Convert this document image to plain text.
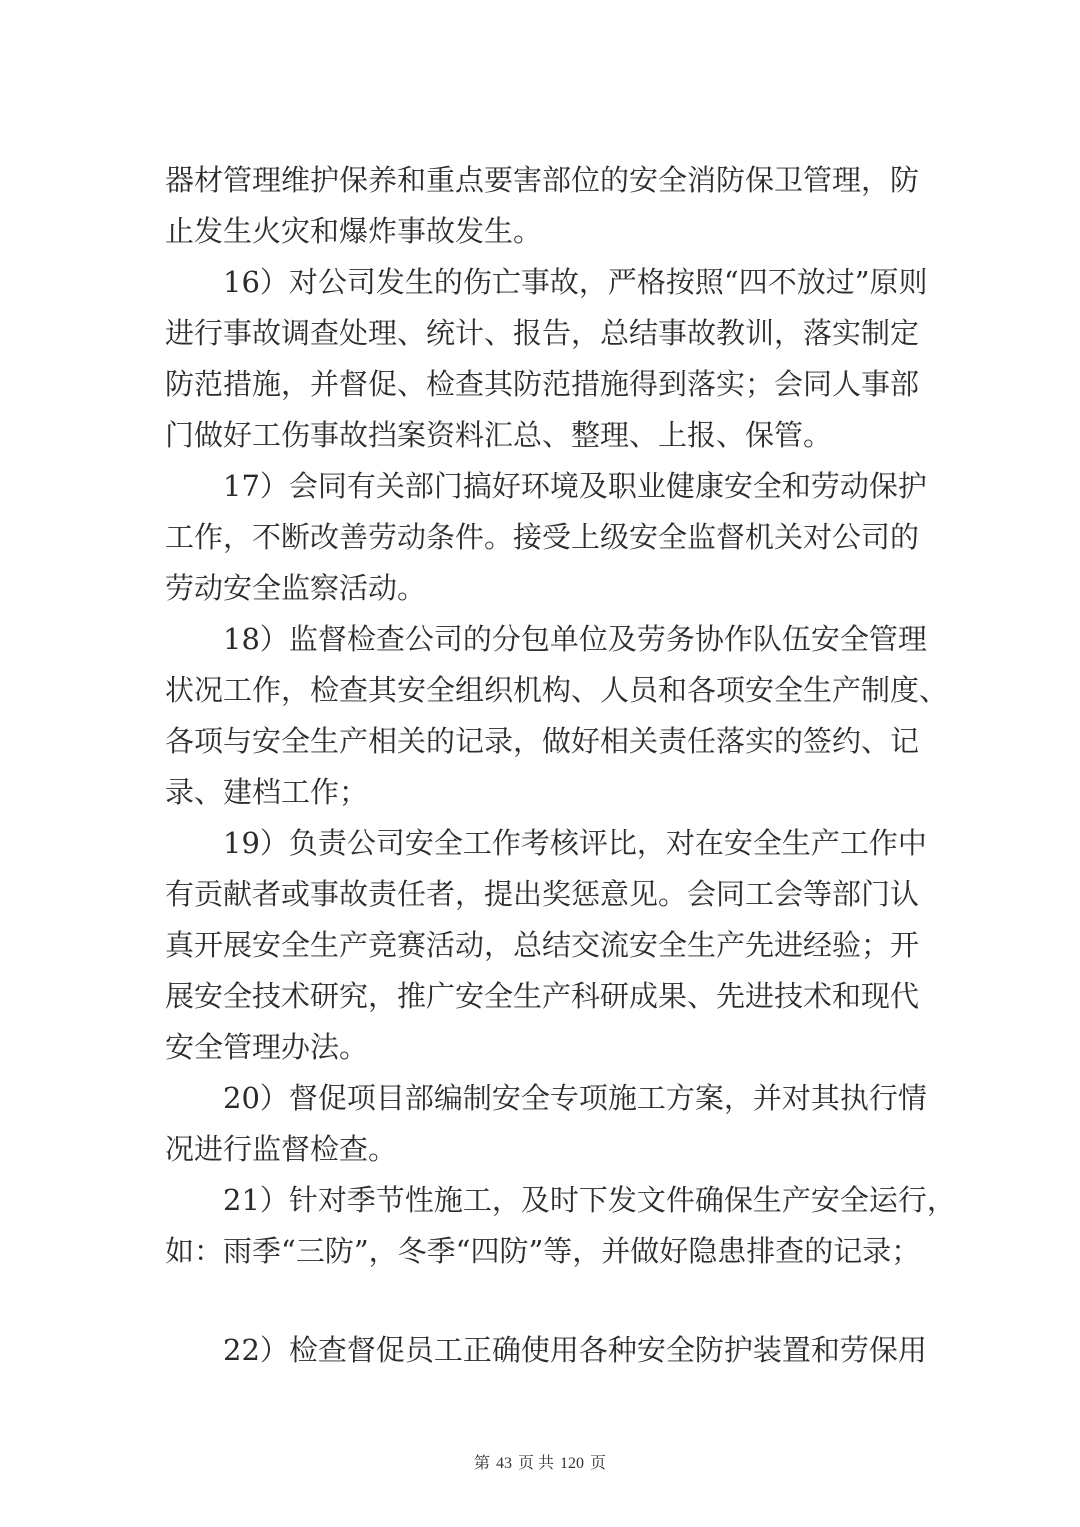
器材管理维护保养和重点要害部位的安全消防保卫管理，防
止发生火灾和爆炸事故发生。
16）对公司发生的伤亡事故，严格按照“四不放过”原则
进行事故调查处理、统计、报告，总结事故教训，落实制定
防范措施，并督促、检查其防范措施得到落实；会同人事部
门做好工伤事故挡案资料汇总、整理、上报、保管。
17）会同有关部门搞好环境及职业健康安全和劳动保护
工作，不断改善劳动条件。接受上级安全监督机关对公司的
劳动安全监察活动。
18）监督检查公司的分包单位及劳务协作队伍安全管理
状况工作，检查其安全组织机构、人员和各项安全生产制度、
各项与安全生产相关的记录，做好相关责任落实的签约、记
录、建档工作；
19）负责公司安全工作考核评比，对在安全生产工作中
有贡献者或事故责任者，提出奖惩意见。会同工会等部门认
真开展安全生产竞赛活动，总结交流安全生产先进经验；开
展安全技术研究，推广安全生产科研成果、先进技术和现代
安全管理办法。
20）督促项目部编制安全专项施工方案，并对其执行情
况进行监督检查。
21）针对季节性施工，及时下发文件确保生产安全运行，
如：雨季“三防”，冬季“四防”等，并做好隐患排查的记录；
22）检查督促员工正确使用各种安全防护装置和劳保用
第 43 页 共 120 页
